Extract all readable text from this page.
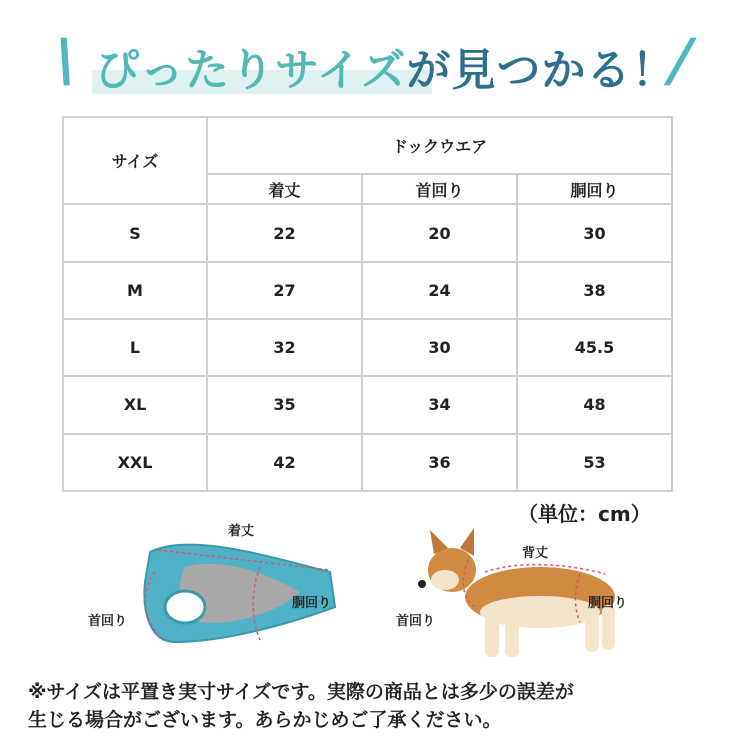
\ ぴったりサイズが見つかる！
/
サイズ	ドックウエア		
	着丈	首回り	胴回り
S	22	20	30
M	27	24	38
L	32	30	45.5
XL	35	34	48
XXL	42	36	53
（単位：cm）
着丈
首回り
胴回り
背丈
首回り
胴回り
※サイズは平置き実寸サイズです。実際の商品とは多少の誤差が
生じる場合がございます。あらかじめご了承ください。
